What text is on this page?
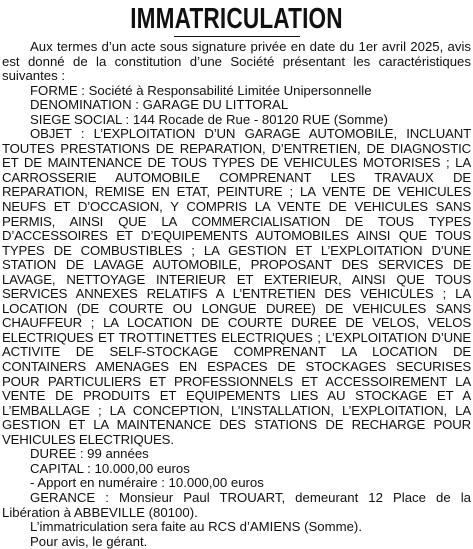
IMMATRICULATION

Aux termes d’un acte sous signature privée en date du 1er avril 2025, avis est donné de la constitution d’une Société présentant les caractéristiques suivantes :

FORME : Société à Responsabilité Limitée Unipersonnelle

DENOMINATION : GARAGE DU LITTORAL

SIEGE SOCIAL : 144 Rocade de Rue - 80120 RUE (Somme)

OBJET : L’EXPLOITATION D’UN GARAGE AUTOMOBILE, INCLUANT TOUTES PRESTATIONS DE REPARATION, D’ENTRETIEN, DE DIAGNOSTIC ET DE MAINTENANCE DE TOUS TYPES DE VEHICULES MOTORISES ; LA CARROSSERIE AUTOMOBILE COMPRENANT LES TRAVAUX DE REPARATION, REMISE EN ETAT, PEINTURE ; LA VENTE DE VEHICULES NEUFS ET D’OCCASION, Y COMPRIS LA VENTE DE VEHICULES SANS PERMIS, AINSI QUE LA COMMERCIALISATION DE TOUS TYPES D’ACCESSOIRES ET D’EQUIPEMENTS AUTOMOBILES AINSI QUE TOUS TYPES DE COMBUSTIBLES ; LA GESTION ET L’EXPLOITATION D’UNE STATION DE LAVAGE AUTOMOBILE, PROPOSANT DES SERVICES DE LAVAGE, NETTOYAGE INTERIEUR ET EXTERIEUR, AINSI QUE TOUS SERVICES ANNEXES RELATIFS A L’ENTRETIEN DES VEHICULES ; LA LOCATION (DE COURTE OU LONGUE DUREE) DE VEHICULES SANS CHAUFFEUR ; LA LOCATION DE COURTE DUREE DE VELOS, VELOS ELECTRIQUES ET TROTTINETTES ELECTRIQUES ; L’EXPLOITATION D’UNE ACTIVITE DE SELF-STOCKAGE COMPRENANT LA LOCATION DE CONTAINERS AMENAGES EN ESPACES DE STOCKAGES SECURISES POUR PARTICULIERS ET PROFESSIONNELS ET ACCESSOIREMENT LA VENTE DE PRODUITS ET EQUIPEMENTS LIES AU STOCKAGE ET A L’EMBALLAGE ; LA CONCEPTION, L’INSTALLATION, L’EXPLOITATION, LA GESTION ET LA MAINTENANCE DES STATIONS DE RECHARGE POUR VEHICULES ELECTRIQUES.

DUREE : 99 années

CAPITAL : 10.000,00 euros

- Apport en numéraire : 10.000,00 euros

GERANCE : Monsieur Paul TROUART, demeurant 12 Place de la Libération à ABBEVILLE (80100).

L’immatriculation sera faite au RCS d’AMIENS (Somme).

Pour avis, le gérant.
